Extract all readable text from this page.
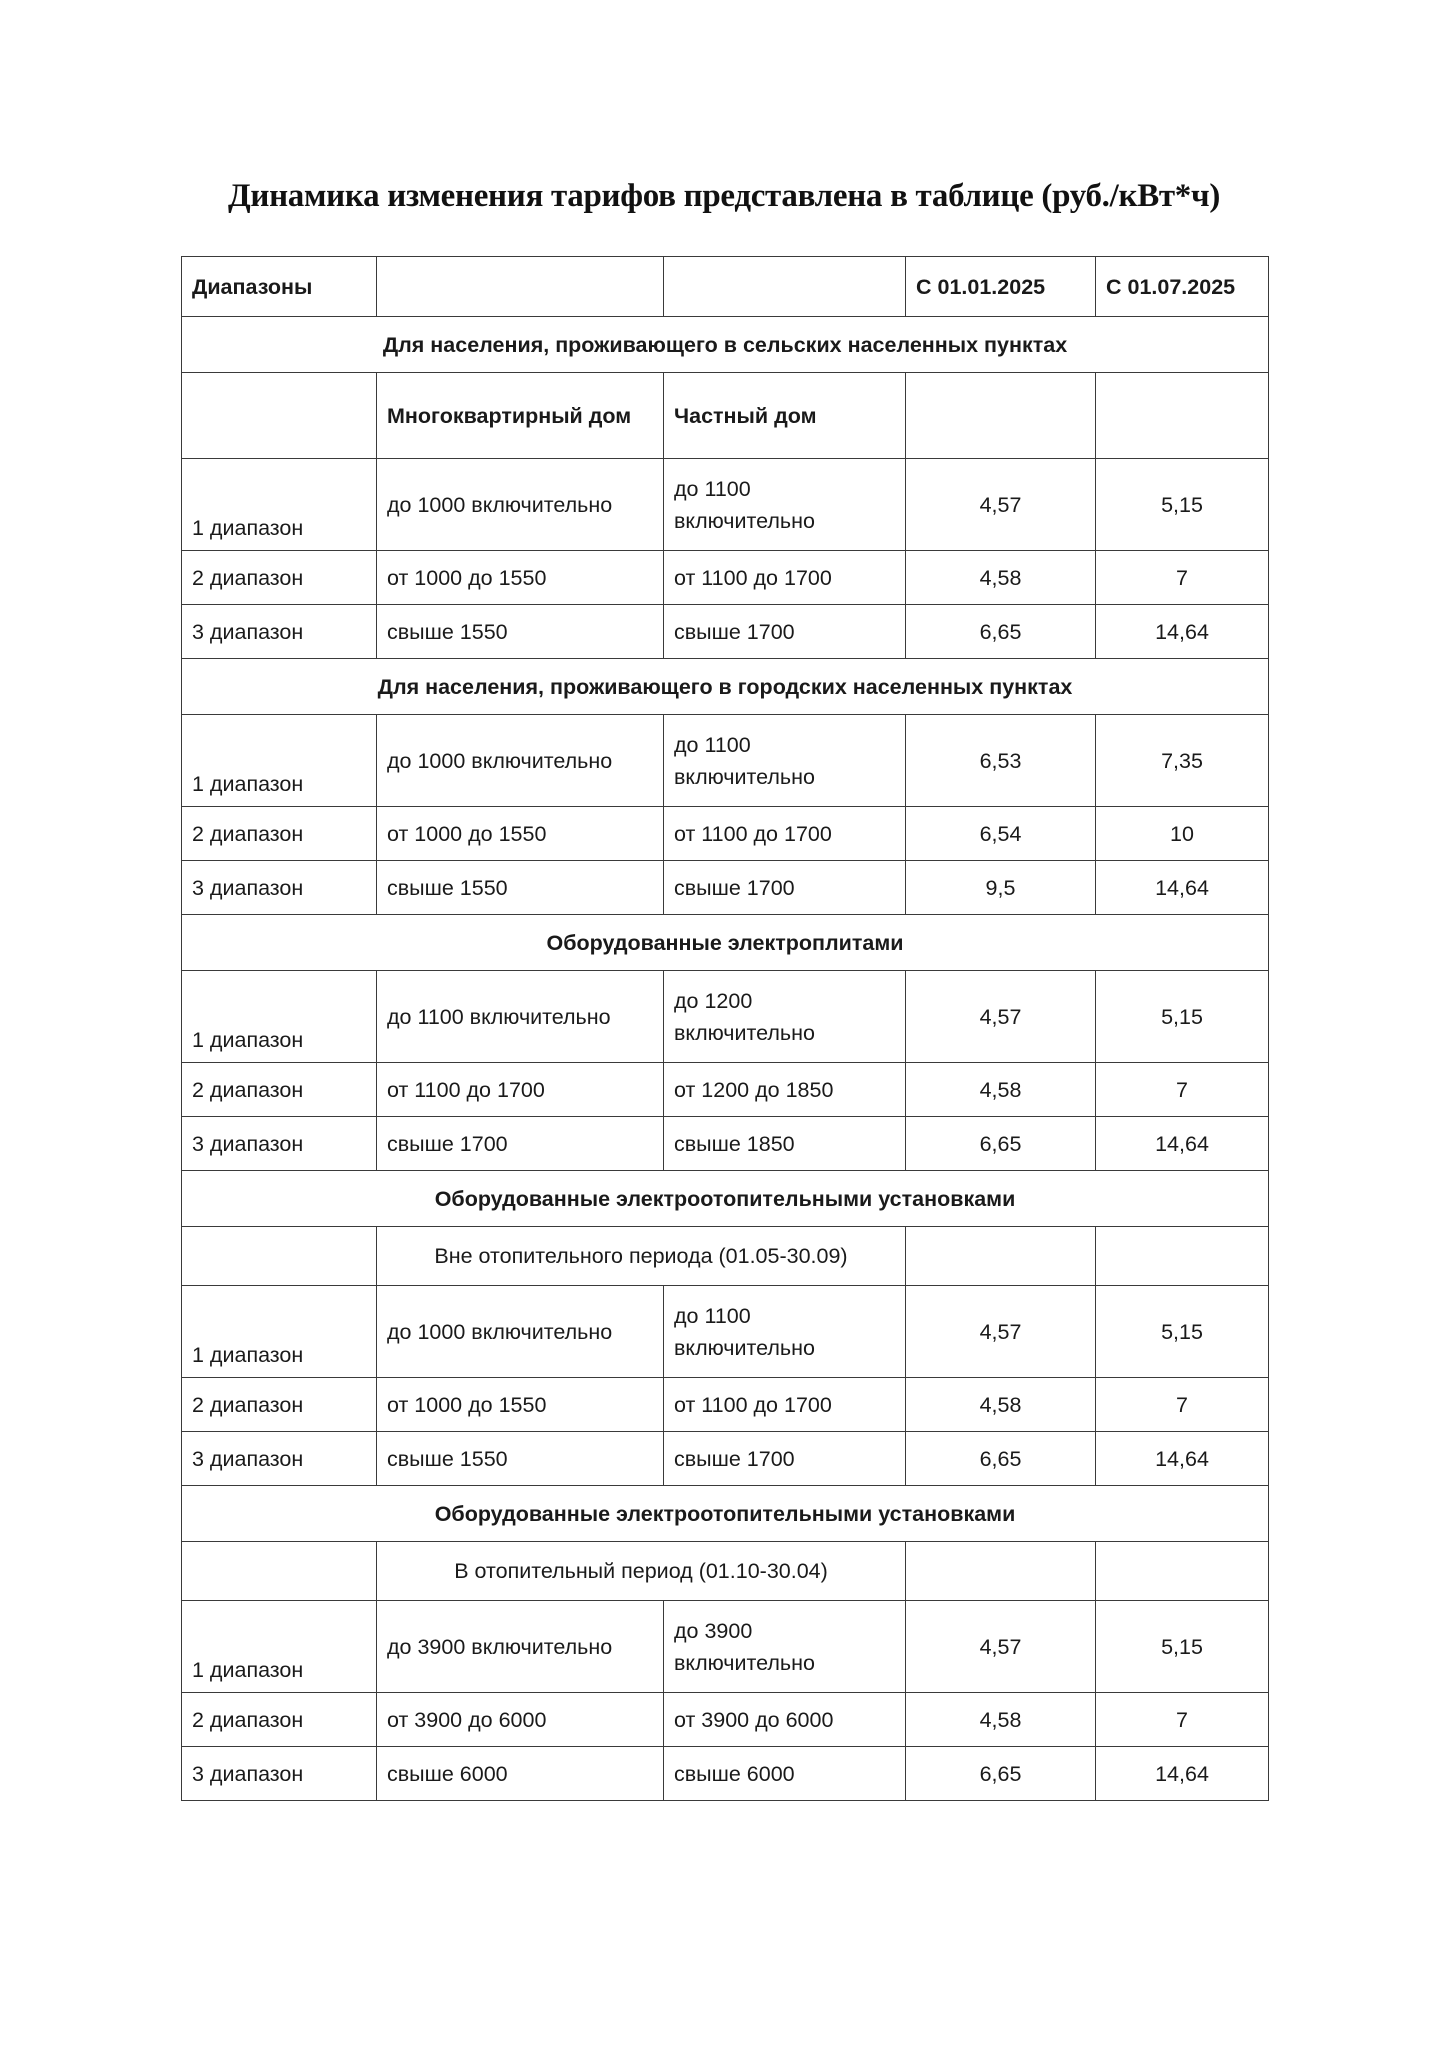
Динамика изменения тарифов представлена в таблице (руб./кВт*ч)
Диапазоны			С 01.01.2025	С 01.07.2025
Для населения, проживающего в сельских населенных пунктах				
	Многоквартирный дом	Частный дом		
1 диапазон	до 1000 включительно	до 1100 включительно	4,57	5,15
2 диапазон	от 1000 до 1550	от 1100 до 1700	4,58	7
3 диапазон	свыше 1550	свыше 1700	6,65	14,64
Для населения, проживающего в городских населенных пунктах				
1 диапазон	до 1000 включительно	до 1100 включительно	6,53	7,35
2 диапазон	от 1000 до 1550	от 1100 до 1700	6,54	10
3 диапазон	свыше 1550	свыше 1700	9,5	14,64
Оборудованные электроплитами				
1 диапазон	до 1100 включительно	до 1200 включительно	4,57	5,15
2 диапазон	от 1100 до 1700	от 1200 до 1850	4,58	7
3 диапазон	свыше 1700	свыше 1850	6,65	14,64
Оборудованные электроотопительными установками				
	Вне отопительного периода (01.05-30.09)			
1 диапазон	до 1000 включительно	до 1100 включительно	4,57	5,15
2 диапазон	от 1000 до 1550	от 1100 до 1700	4,58	7
3 диапазон	свыше 1550	свыше 1700	6,65	14,64
Оборудованные электроотопительными установками				
	В отопительный период (01.10-30.04)			
1 диапазон	до 3900 включительно	до 3900 включительно	4,57	5,15
2 диапазон	от 3900 до 6000	от 3900 до 6000	4,58	7
3 диапазон	свыше 6000	свыше 6000	6,65	14,64
